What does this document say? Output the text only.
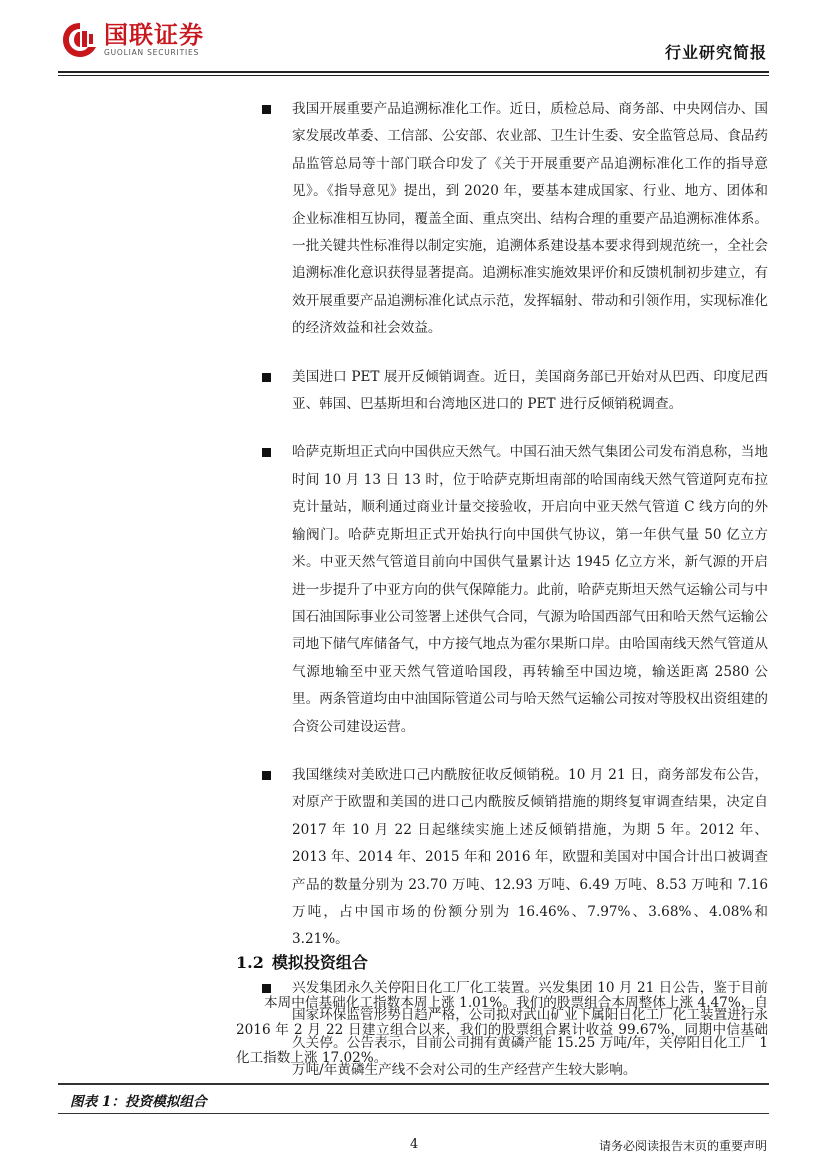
国联证券
GUOLIAN SECURITIES	行业研究简报
我国开展重要产品追溯标准化工作。近日，质检总局、商务部、中央网信办、国家发展改革委、工信部、公安部、农业部、卫生计生委、安全监管总局、食品药品监管总局等十部门联合印发了《关于开展重要产品追溯标准化工作的指导意见》。《指导意见》提出，到 2020 年，要基本建成国家、行业、地方、团体和企业标准相互协同，覆盖全面、重点突出、结构合理的重要产品追溯标准体系。一批关键共性标准得以制定实施，追溯体系建设基本要求得到规范统一，全社会追溯标准化意识获得显著提高。追溯标准实施效果评价和反馈机制初步建立，有效开展重要产品追溯标准化试点示范，发挥辐射、带动和引领作用，实现标准化的经济效益和社会效益。
美国进口 PET 展开反倾销调查。近日，美国商务部已开始对从巴西、印度尼西亚、韩国、巴基斯坦和台湾地区进口的 PET 进行反倾销税调查。
哈萨克斯坦正式向中国供应天然气。中国石油天然气集团公司发布消息称，当地时间 10 月 13 日 13 时，位于哈萨克斯坦南部的哈国南线天然气管道阿克布拉克计量站，顺利通过商业计量交接验收，开启向中亚天然气管道 C 线方向的外输阀门。哈萨克斯坦正式开始执行向中国供气协议，第一年供气量 50 亿立方米。中亚天然气管道目前向中国供气量累计达 1945 亿立方米，新气源的开启进一步提升了中亚方向的供气保障能力。此前，哈萨克斯坦天然气运输公司与中国石油国际事业公司签署上述供气合同，气源为哈国西部气田和哈天然气运输公司地下储气库储备气，中方接气地点为霍尔果斯口岸。由哈国南线天然气管道从气源地输至中亚天然气管道哈国段，再转输至中国边境，输送距离 2580 公里。两条管道均由中油国际管道公司与哈天然气运输公司按对等股权出资组建的合资公司建设运营。
我国继续对美欧进口己内酰胺征收反倾销税。10 月 21 日，商务部发布公告，对原产于欧盟和美国的进口己内酰胺反倾销措施的期终复审调查结果，决定自 2017 年 10 月 22 日起继续实施上述反倾销措施，为期 5 年。2012 年、2013 年、2014 年、2015 年和 2016 年，欧盟和美国对中国合计出口被调查产品的数量分别为 23.70 万吨、12.93 万吨、6.49 万吨、8.53 万吨和 7.16 万吨，占中国市场的份额分别为 16.46%、7.97%、3.68%、4.08%和 3.21%。
兴发集团永久关停阳日化工厂化工装置。兴发集团 10 月 21 日公告，鉴于目前国家环保监管形势日趋严格，公司拟对武山矿业下属阳日化工厂化工装置进行永久关停。公告表示，目前公司拥有黄磷产能 15.25 万吨/年，关停阳日化工厂 1 万吨/年黄磷生产线不会对公司的生产经营产生较大影响。
1.2 模拟投资组合
本周中信基础化工指数本周上涨 1.01%。我们的股票组合本周整体上涨 4.47%，自 2016 年 2 月 22 日建立组合以来，我们的股票组合累计收益 99.67%，同期中信基础化工指数上涨 17.02%。
图表 1：投资模拟组合
4	请务必阅读报告末页的重要声明
